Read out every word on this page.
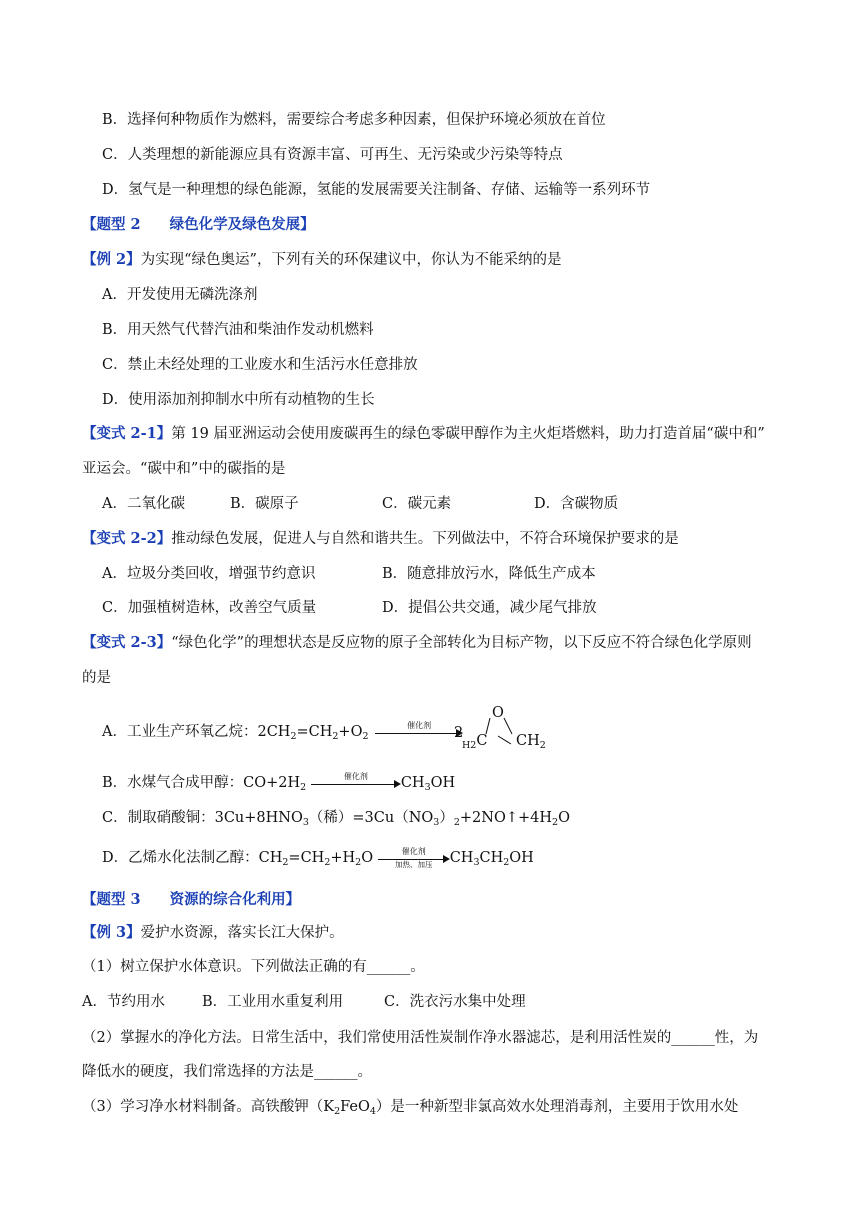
B．选择何种物质作为燃料，需要综合考虑多种因素，但保护环境必须放在首位
C．人类理想的新能源应具有资源丰富、可再生、无污染或少污染等特点
D．氢气是一种理想的绿色能源，氢能的发展需要关注制备、存储、运输等一系列环节
【题型 2　　绿色化学及绿色发展】
【例 2】为实现“绿色奥运”，下列有关的环保建议中，你认为不能采纳的是
A．开发使用无磷洗涤剂
B．用天然气代替汽油和柴油作发动机燃料
C．禁止未经处理的工业废水和生活污水任意排放
D．使用添加剂抑制水中所有动植物的生长
【变式 2-1】第 19 届亚洲运动会使用废碳再生的绿色零碳甲醇作为主火炬塔燃料，助力打造首届“碳中和”
亚运会。“碳中和”中的碳指的是
A．二氧化碳	B．碳原子	C．碳元素	D．含碳物质
【变式 2-2】推动绿色发展，促进人与自然和谐共生。下列做法中，不符合环境保护要求的是
A．垃圾分类回收，增强节约意识	B．随意排放污水，降低生产成本
C．加强植树造林，改善空气质量	D．提倡公共交通，减少尾气排放
【变式 2-3】“绿色化学”的理想状态是反应物的原子全部转化为目标产物，以下反应不符合绿色化学原则
的是
A．工业生产环氧乙烷：$2CH_2=CH_2+O_2$
催化剂	2
O
$_{H2}$C $CH_2$
B．水煤气合成甲醇：$CO+2H_2$
催化剂	$CH_3OH$
C．制取硝酸铜：$3Cu+8HNO_3$（稀）$=3Cu(NO_3)_2+2NO↑+4H_2O$
D．乙烯水化法制乙醇：$CH_2=CH_2+H_2O$	催化剂
加热、加压	$CH_3CH_2OH$
【题型 3　　资源的综合化利用】
【例 3】爱护水资源，落实长江大保护。
（1）树立保护水体意识。下列做法正确的有______。
A．节约用水	B．工业用水重复利用	C．洗衣污水集中处理
（2）掌握水的净化方法。日常生活中，我们常使用活性炭制作净水器滤芯，是利用活性炭的______性，为
降低水的硬度，我们常选择的方法是______。
（3）学习净水材料制备。高铁酸钾$(K_2FeO_4)$是一种新型非氯高效水处理消毒剂，主要用于饮用水处
